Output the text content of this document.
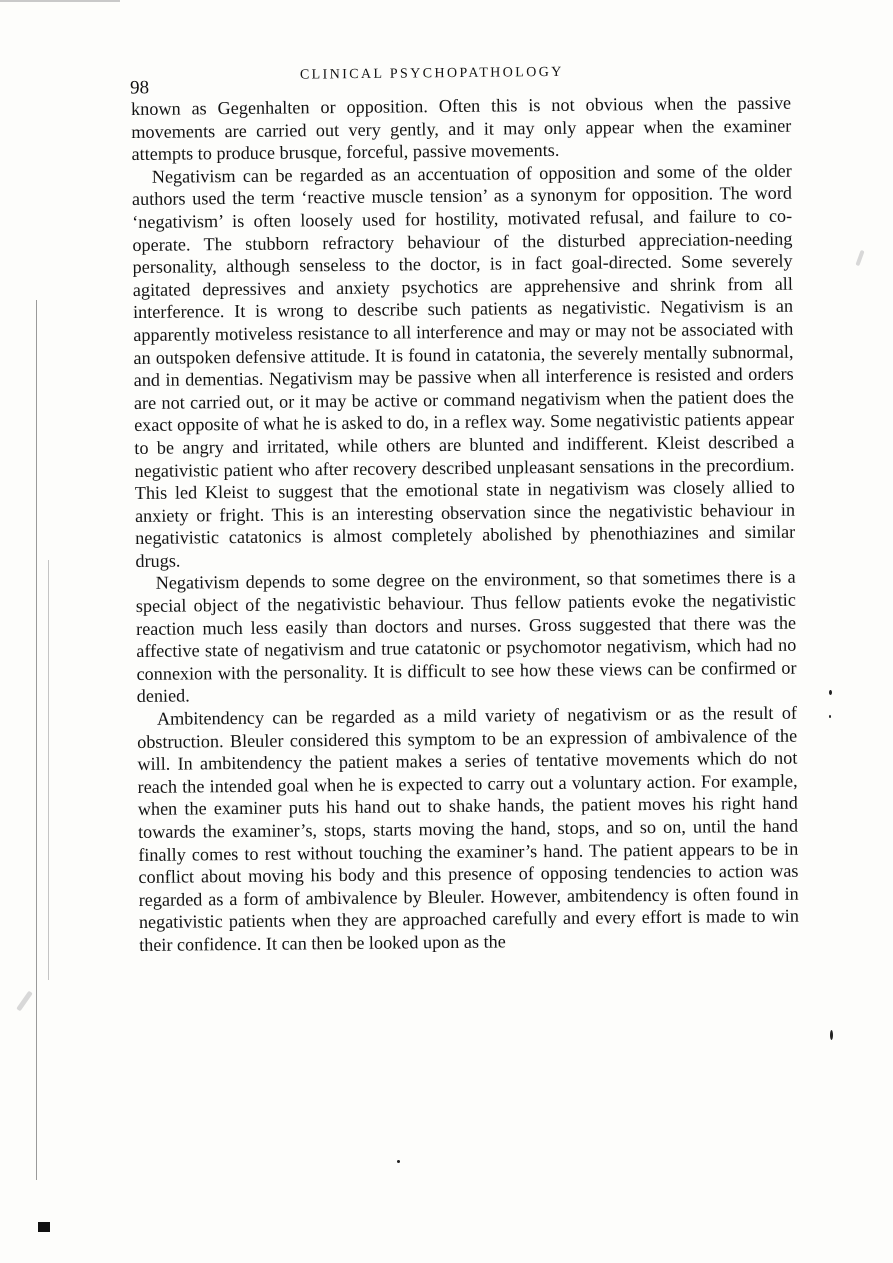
98
CLINICAL PSYCHOPATHOLOGY

known as Gegenhalten or opposition. Often this is not obvious when the passive movements are carried out very gently, and it may only appear when the examiner attempts to produce brusque, forceful, passive movements.

Negativism can be regarded as an accentuation of opposition and some of the older authors used the term ‘reactive muscle tension’ as a synonym for opposition. The word ‘negativism’ is often loosely used for hostility, motivated refusal, and failure to co-operate. The stubborn refractory behaviour of the disturbed appreciation-needing personality, although senseless to the doctor, is in fact goal-directed. Some severely agitated depressives and anxiety psychotics are apprehensive and shrink from all interference. It is wrong to describe such patients as negativistic. Negativism is an apparently motiveless resistance to all interference and may or may not be associated with an outspoken defensive attitude. It is found in catatonia, the severely mentally subnormal, and in dementias. Negativism may be passive when all interference is resisted and orders are not carried out, or it may be active or command negativism when the patient does the exact opposite of what he is asked to do, in a reflex way. Some negativistic patients appear to be angry and irritated, while others are blunted and indifferent. Kleist described a negativistic patient who after recovery described unpleasant sensations in the precordium. This led Kleist to suggest that the emotional state in negativism was closely allied to anxiety or fright. This is an interesting observation since the negativistic behaviour in negativistic catatonics is almost completely abolished by phenothiazines and similar drugs.

Negativism depends to some degree on the environment, so that sometimes there is a special object of the negativistic behaviour. Thus fellow patients evoke the negativistic reaction much less easily than doctors and nurses. Gross suggested that there was the affective state of negativism and true catatonic or psychomotor negativism, which had no connexion with the personality. It is difficult to see how these views can be confirmed or denied.

Ambitendency can be regarded as a mild variety of negativism or as the result of obstruction. Bleuler considered this symptom to be an expression of ambivalence of the will. In ambitendency the patient makes a series of tentative movements which do not reach the intended goal when he is expected to carry out a voluntary action. For example, when the examiner puts his hand out to shake hands, the patient moves his right hand towards the examiner’s, stops, starts moving the hand, stops, and so on, until the hand finally comes to rest without touching the examiner’s hand. The patient appears to be in conflict about moving his body and this presence of opposing tendencies to action was regarded as a form of ambivalence by Bleuler. However, ambitendency is often found in negativistic patients when they are approached carefully and every effort is made to win their confidence. It can then be looked upon as the
